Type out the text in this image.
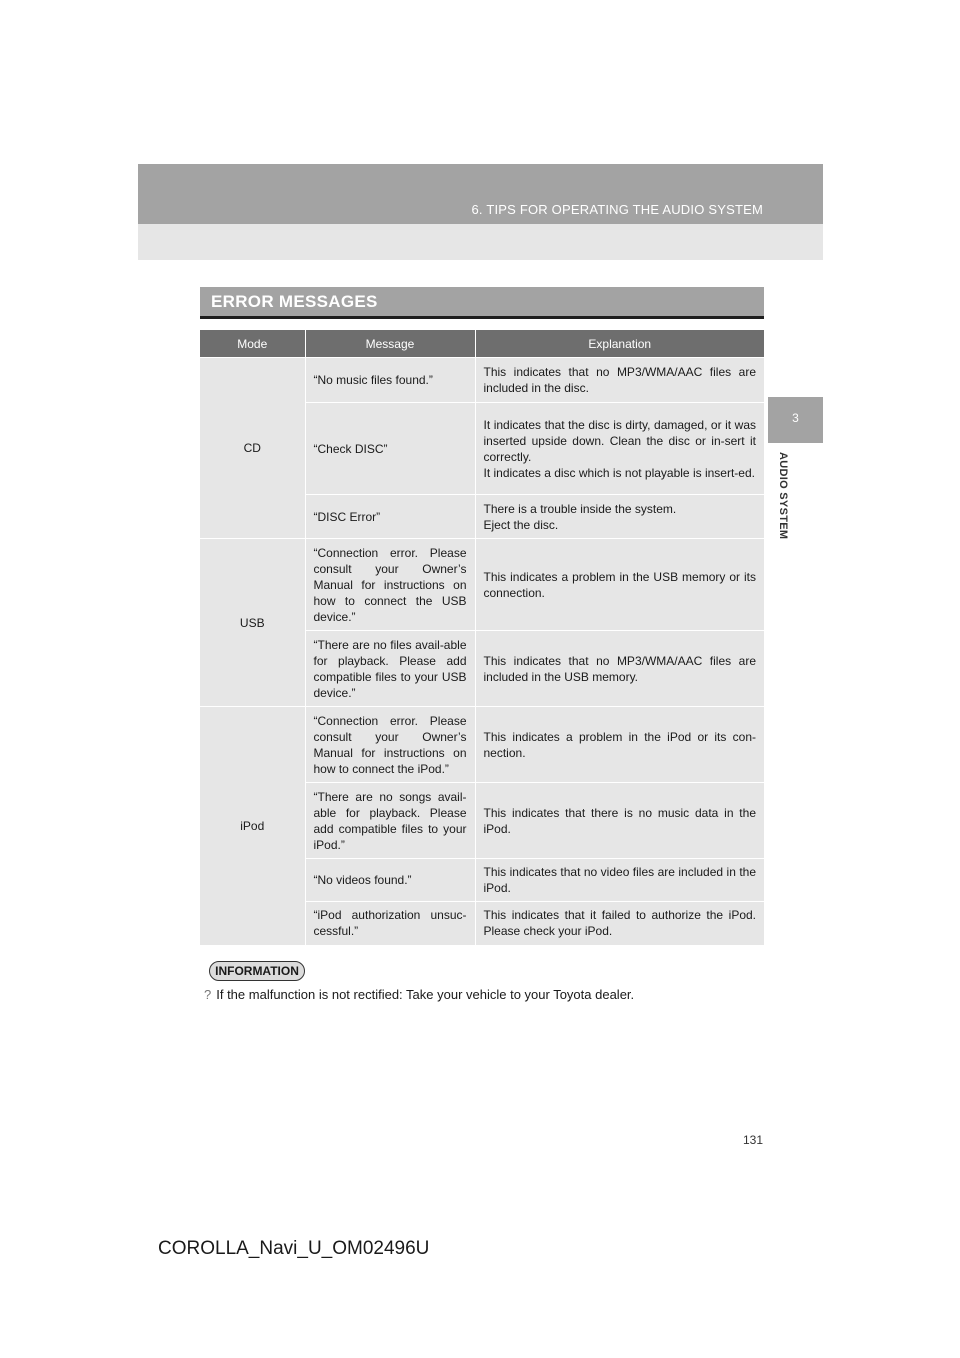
6. TIPS FOR OPERATING THE AUDIO SYSTEM
3
AUDIO SYSTEM
ERROR MESSAGES
Mode	Message	Explanation
CD	“No music files found.”	This indicates that no MP3/WMA/AAC files are included in the disc.
	“Check DISC”	It indicates that the disc is dirty, damaged, or it was inserted upside down. Clean the disc or in-sert it correctly.
It indicates a disc which is not playable is insert-ed.
	“DISC Error”	There is a trouble inside the system.
Eject the disc.
USB	“Connection error. Please consult your Owner’s Manual for instructions on how to connect the USB device.”	This indicates a problem in the USB memory or its connection.
	“There are no files avail-able for playback. Please add compatible files to your USB device.”	This indicates that no MP3/WMA/AAC files are included in the USB memory.
iPod	“Connection error. Please consult your Owner’s Manual for instructions on how to connect the iPod.”	This indicates a problem in the iPod or its con-nection.
	“There are no songs avail-able for playback. Please add compatible files to your iPod.”	This indicates that there is no music data in the iPod.
	“No videos found.”	This indicates that no video files are included in the iPod.
	“iPod authorization unsuc-cessful.”	This indicates that it failed to authorize the iPod. Please check your iPod.
INFORMATION
? If the malfunction is not rectified: Take your vehicle to your Toyota dealer.
131
COROLLA_Navi_U_OM02496U
